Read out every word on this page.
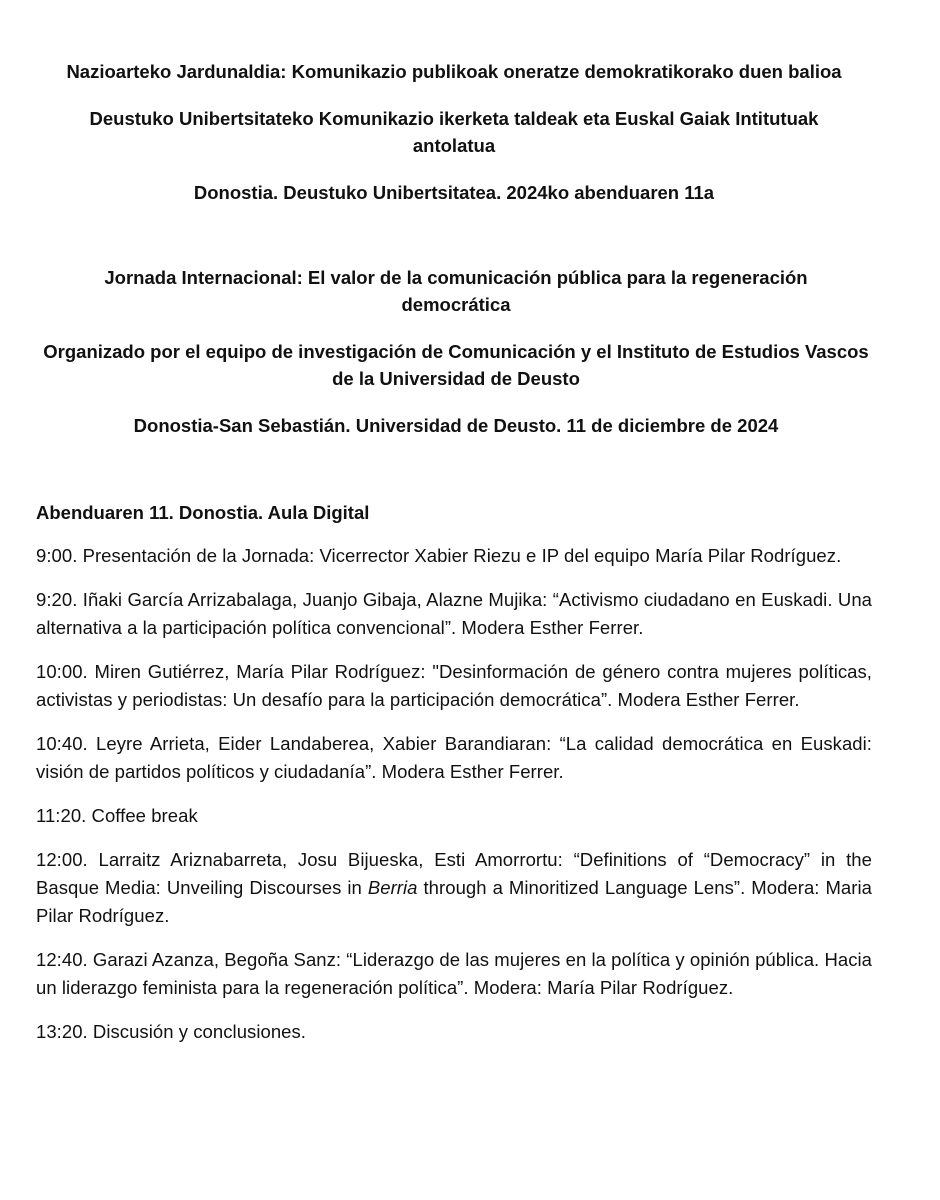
Nazioarteko Jardunaldia: Komunikazio publikoak oneratze demokratikorako duen balioa

Deustuko Unibertsitateko Komunikazio ikerketa taldeak eta Euskal Gaiak Intitutuak antolatua

Donostia. Deustuko Unibertsitatea. 2024ko abenduaren 11a

Jornada Internacional: El valor de la comunicación pública para la regeneración democrática

Organizado por el equipo de investigación de Comunicación y el Instituto de Estudios Vascos de la Universidad de Deusto

Donostia-San Sebastián. Universidad de Deusto. 11 de diciembre de 2024

Abenduaren 11. Donostia. Aula Digital

9:00. Presentación de la Jornada: Vicerrector Xabier Riezu e IP del equipo María Pilar Rodríguez.

9:20. Iñaki García Arrizabalaga, Juanjo Gibaja, Alazne Mujika: “Activismo ciudadano en Euskadi. Una alternativa a la participación política convencional”. Modera Esther Ferrer.

10:00. Miren Gutiérrez, María Pilar Rodríguez: "Desinformación de género contra mujeres políticas, activistas y periodistas: Un desafío para la participación democrática”. Modera Esther Ferrer.

10:40. Leyre Arrieta, Eider Landaberea, Xabier Barandiaran: “La calidad democrática en Euskadi: visión de partidos políticos y ciudadanía”. Modera Esther Ferrer.

11:20. Coffee break

12:00. Larraitz Ariznabarreta, Josu Bijueska, Esti Amorrortu: “Definitions of “Democracy” in the Basque Media: Unveiling Discourses in Berria through a Minoritized Language Lens”. Modera: Maria Pilar Rodríguez.

12:40. Garazi Azanza, Begoña Sanz: “Liderazgo de las mujeres en la política y opinión pública. Hacia un liderazgo feminista para la regeneración política”. Modera: María Pilar Rodríguez.

13:20. Discusión y conclusiones.
